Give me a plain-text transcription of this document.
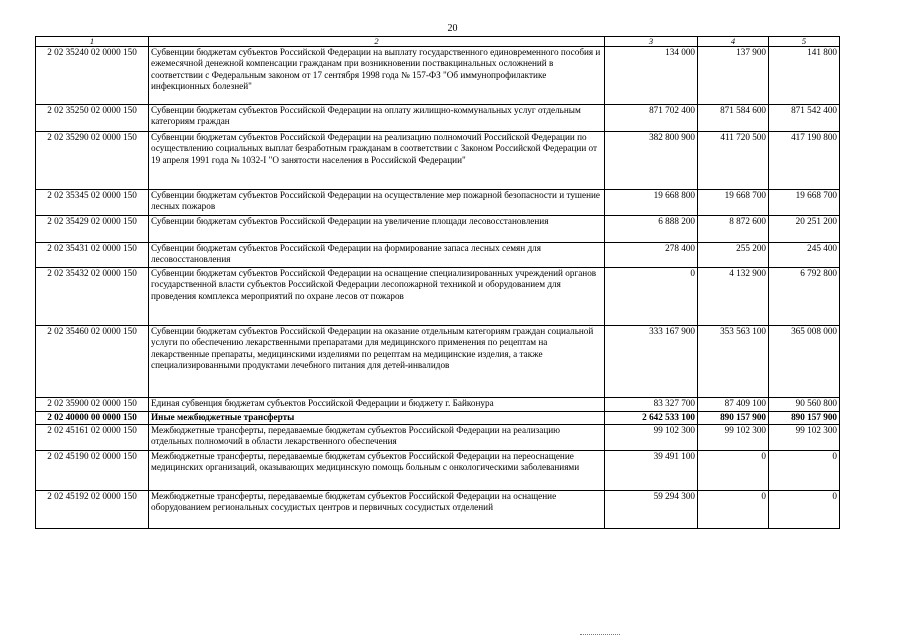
20
1	2	3	4	5
2 02 35240 02 0000 150	Субвенции бюджетам субъектов Российской Федерации на выплату государственного единовременного пособия и ежемесячной денежной компенсации гражданам при возникновении поствакцинальных осложнений в соответствии с Федеральным законом от 17 сентября 1998 года № 157-ФЗ "Об иммунопрофилактике инфекционных болезней"	134 000	137 900	141 800
2 02 35250 02 0000 150	Субвенции бюджетам субъектов Российской Федерации на оплату жилищно-коммунальных услуг отдельным категориям граждан	871 702 400	871 584 600	871 542 400
2 02 35290 02 0000 150	Субвенции бюджетам субъектов Российской Федерации на реализацию полномочий Российской Федерации по осуществлению социальных выплат безработным гражданам в соответствии с Законом Российской Федерации от 19 апреля 1991 года № 1032-I "О занятости населения в Российской Федерации"	382 800 900	411 720 500	417 190 800
2 02 35345 02 0000 150	Субвенции бюджетам субъектов Российской Федерации на осуществление мер пожарной безопасности и тушение лесных пожаров	19 668 800	19 668 700	19 668 700
2 02 35429 02 0000 150	Субвенции бюджетам субъектов Российской Федерации на увеличение площади лесовосстановления	6 888 200	8 872 600	20 251 200
2 02 35431 02 0000 150	Субвенции бюджетам субъектов Российской Федерации на формирование запаса лесных семян для лесовосстановления	278 400	255 200	245 400
2 02 35432 02 0000 150	Субвенции бюджетам субъектов Российской Федерации на оснащение специализированных учреждений органов государственной власти субъектов Российской Федерации лесопожарной техникой и оборудованием для проведения комплекса мероприятий по охране лесов от пожаров	0	4 132 900	6 792 800
2 02 35460 02 0000 150	Субвенции бюджетам субъектов Российской Федерации на оказание отдельным категориям граждан социальной услуги по обеспечению лекарственными препаратами для медицинского применения по рецептам на лекарственные препараты, медицинскими изделиями по рецептам на медицинские изделия, а также специализированными продуктами лечебного питания для детей-инвалидов	333 167 900	353 563 100	365 008 000
2 02 35900 02 0000 150	Единая субвенция бюджетам субъектов Российской Федерации и бюджету г. Байконура	83 327 700	87 409 100	90 560 800
2 02 40000 00 0000 150	Иные межбюджетные трансферты	2 642 533 100	890 157 900	890 157 900
2 02 45161 02 0000 150	Межбюджетные трансферты, передаваемые бюджетам субъектов Российской Федерации на реализацию отдельных полномочий в области лекарственного обеспечения	99 102 300	99 102 300	99 102 300
2 02 45190 02 0000 150	Межбюджетные трансферты, передаваемые бюджетам субъектов Российской Федерации на переоснащение медицинских организаций, оказывающих медицинскую помощь больным с онкологическими заболеваниями	39 491 100	0	0
2 02 45192 02 0000 150	Межбюджетные трансферты, передаваемые бюджетам субъектов Российской Федерации на оснащение оборудованием региональных сосудистых центров и первичных сосудистых отделений	59 294 300	0	0
